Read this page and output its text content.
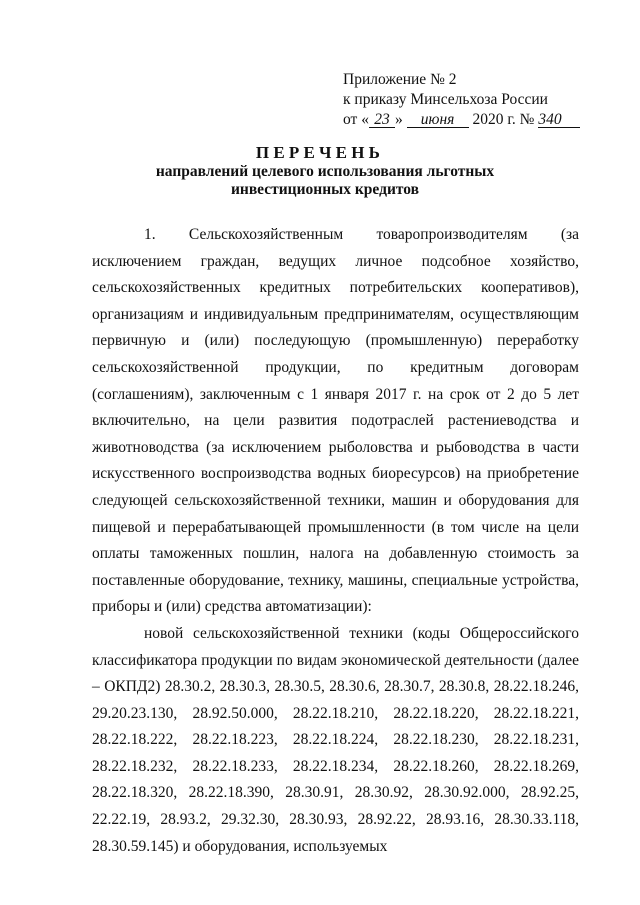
Приложение № 2
к приказу Минсельхоза России
от « 23 » июня 2020 г. № 340
ПЕРЕЧЕНЬ
направлений целевого использования льготных инвестиционных кредитов

1. Сельскохозяйственным товаропроизводителям (за исключением граждан, ведущих личное подсобное хозяйство, сельскохозяйственных кредитных потребительских кооперативов), организациям и индивидуальным предпринимателям, осуществляющим первичную и (или) последующую (промышленную) переработку сельскохозяйственной продукции, по кредитным договорам (соглашениям), заключенным с 1 января 2017 г. на срок от 2 до 5 лет включительно, на цели развития подотраслей растениеводства и животноводства (за исключением рыболовства и рыбоводства в части искусственного воспроизводства водных биоресурсов) на приобретение следующей сельскохозяйственной техники, машин и оборудования для пищевой и перерабатывающей промышленности (в том числе на цели оплаты таможенных пошлин, налога на добавленную стоимость за поставленные оборудование, технику, машины, специальные устройства, приборы и (или) средства автоматизации):

новой сельскохозяйственной техники (коды Общероссийского классификатора продукции по видам экономической деятельности (далее – ОКПД2) 28.30.2, 28.30.3, 28.30.5, 28.30.6, 28.30.7, 28.30.8, 28.22.18.246, 29.20.23.130, 28.92.50.000, 28.22.18.210, 28.22.18.220, 28.22.18.221, 28.22.18.222, 28.22.18.223, 28.22.18.224, 28.22.18.230, 28.22.18.231, 28.22.18.232, 28.22.18.233, 28.22.18.234, 28.22.18.260, 28.22.18.269, 28.22.18.320, 28.22.18.390, 28.30.91, 28.30.92, 28.30.92.000, 28.92.25, 22.22.19, 28.93.2, 29.32.30, 28.30.93, 28.92.22, 28.93.16, 28.30.33.118, 28.30.59.145) и оборудования, используемых
